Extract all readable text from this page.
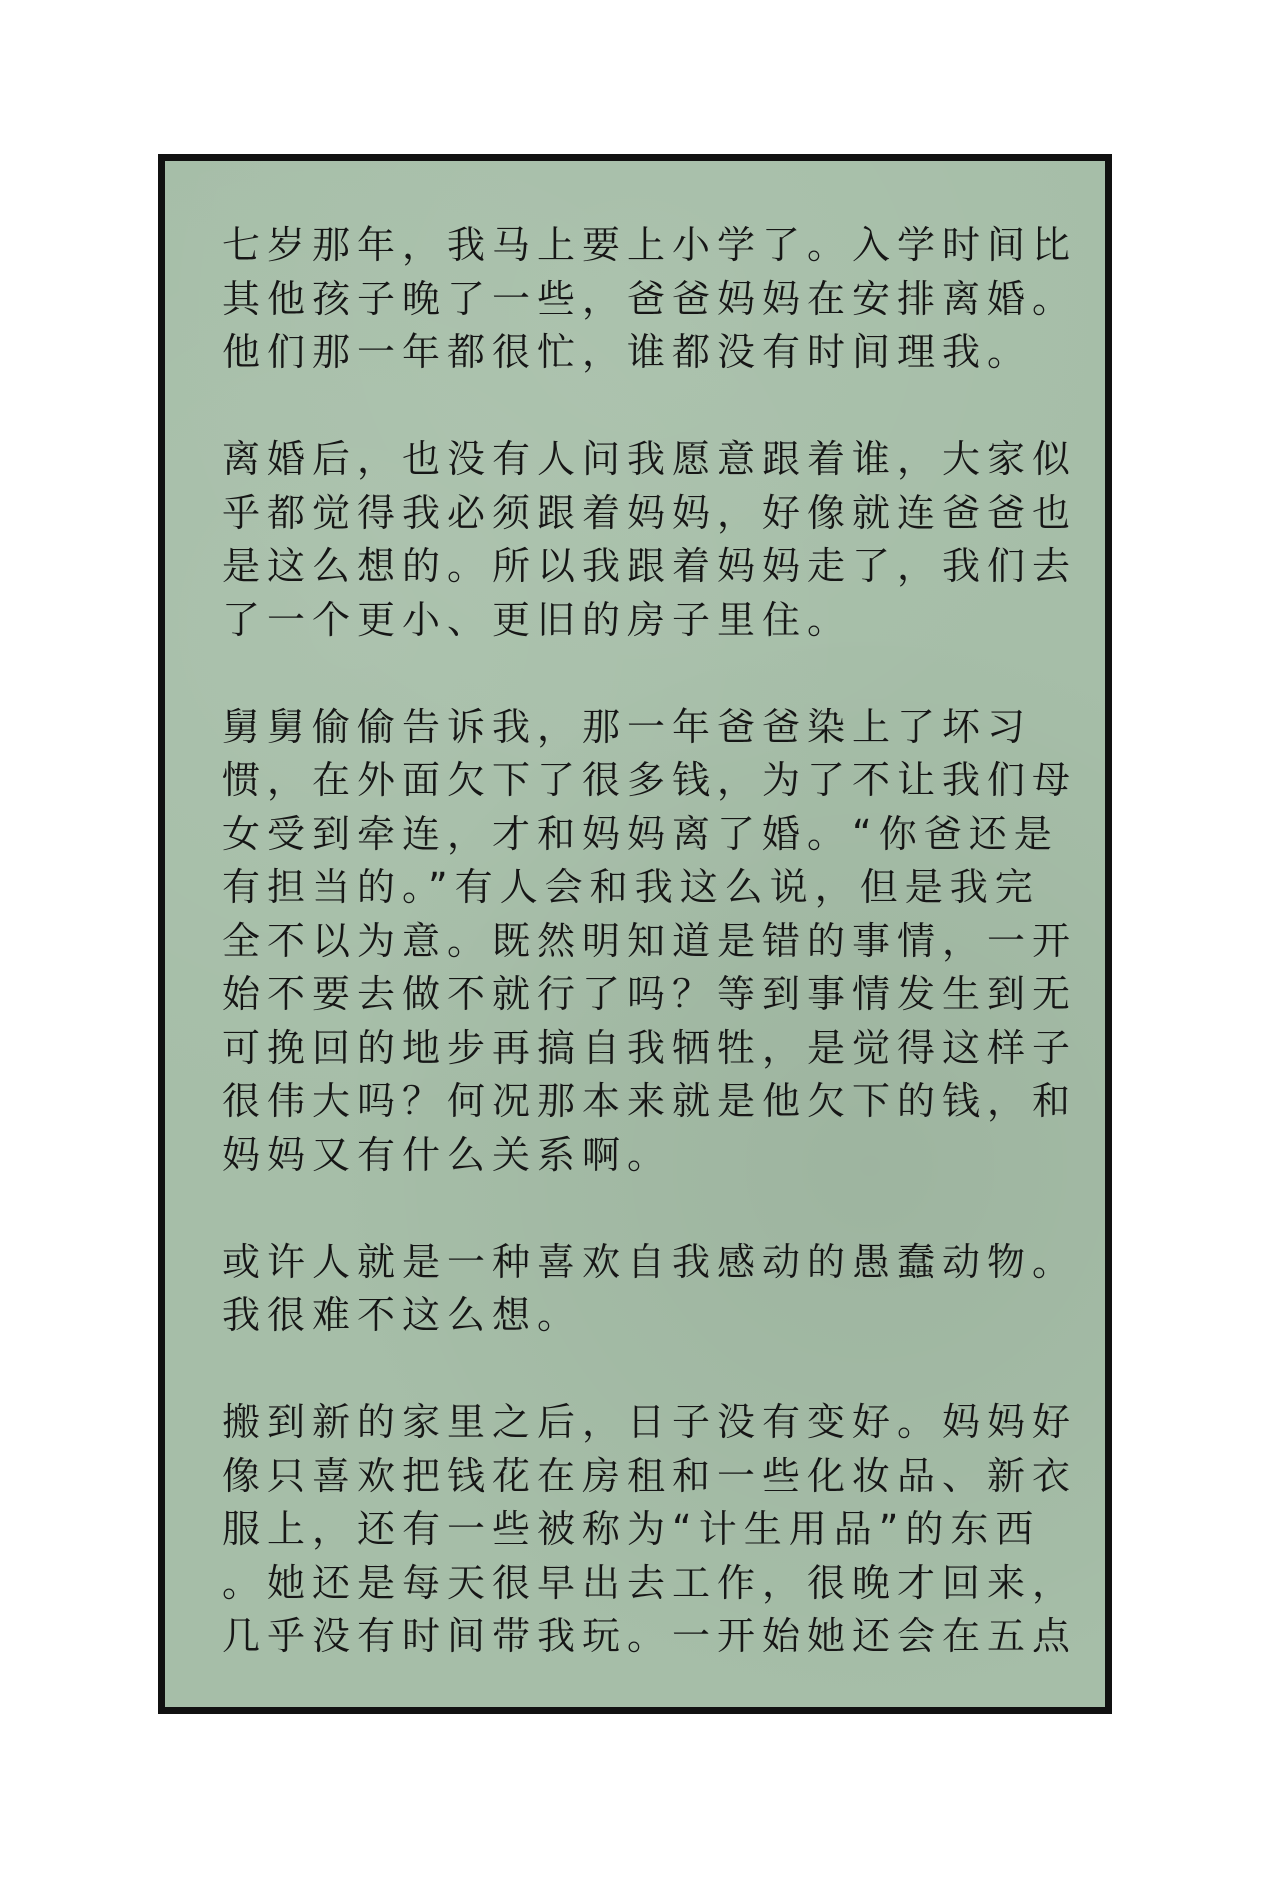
七岁那年，我马上要上小学了。入学时间比
其他孩子晚了一些，爸爸妈妈在安排离婚。
他们那一年都很忙，谁都没有时间理我。
离婚后，也没有人问我愿意跟着谁，大家似
乎都觉得我必须跟着妈妈，好像就连爸爸也
是这么想的。所以我跟着妈妈走了，我们去
了一个更小、更旧的房子里住。
舅舅偷偷告诉我，那一年爸爸染上了坏习
惯，在外面欠下了很多钱，为了不让我们母
女受到牵连，才和妈妈离了婚。“你爸还是
有担当的。”有人会和我这么说，但是我完
全不以为意。既然明知道是错的事情，一开
始不要去做不就行了吗？等到事情发生到无
可挽回的地步再搞自我牺牲，是觉得这样子
很伟大吗？何况那本来就是他欠下的钱，和
妈妈又有什么关系啊。
或许人就是一种喜欢自我感动的愚蠢动物。
我很难不这么想。
搬到新的家里之后，日子没有变好。妈妈好
像只喜欢把钱花在房租和一些化妆品、新衣
服上，还有一些被称为“计生用品”的东西
。她还是每天很早出去工作，很晚才回来，
几乎没有时间带我玩。一开始她还会在五点
